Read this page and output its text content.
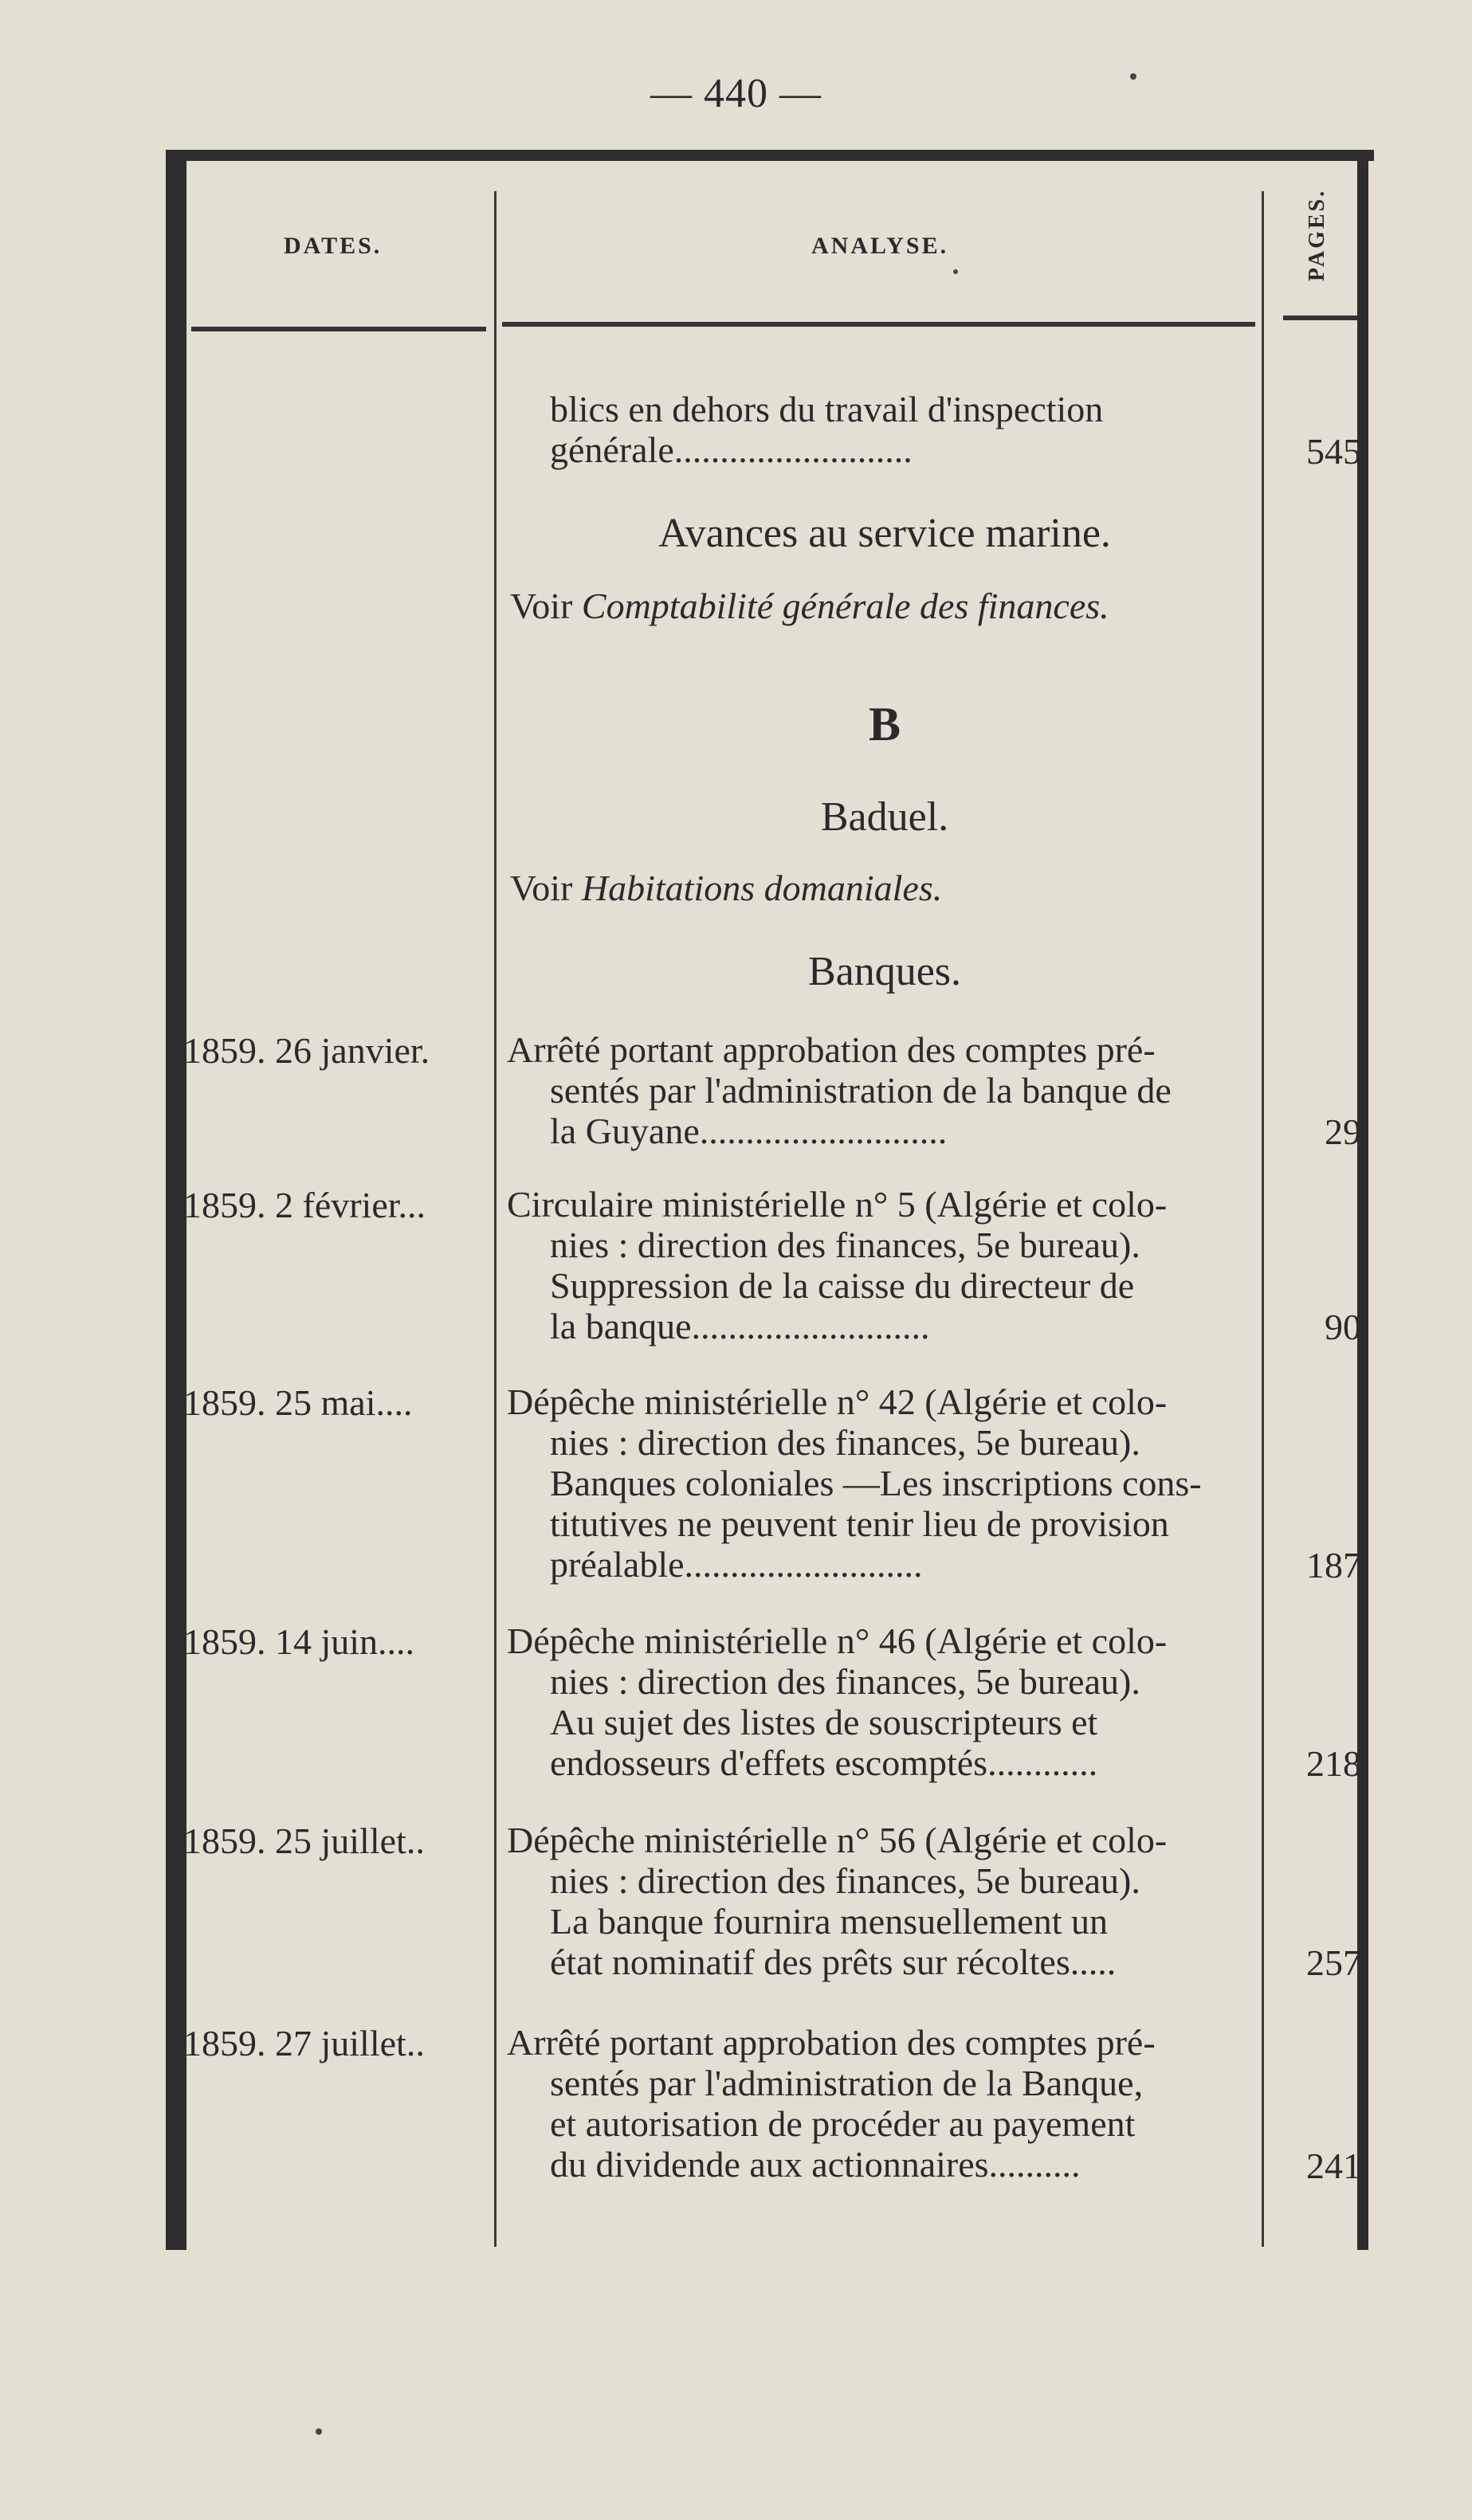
— 440 —
DATES.	ANALYSE.	PAGES.
blics en dehors du travail d'inspection
générale..........................	545
Avances au service marine.
Voir Comptabilité générale des finances.
B
Baduel.
Voir Habitations domaniales.
Banques.
1859. 26 janvier. Arrêté portant approbation des comptes pré-
sentés par l'administration de la banque de
la Guyane...........................	29
1859. 2 février... Circulaire ministérielle n° 5 (Algérie et colo-
nies : direction des finances, 5e bureau).
Suppression de la caisse du directeur de
la banque..........................	90
1859. 25 mai....	Dépêche ministérielle n° 42 (Algérie et colo-
nies : direction des finances, 5e bureau).
Banques coloniales —Les inscriptions cons-
titutives ne peuvent tenir lieu de provision
préalable..........................	187
1859. 14 juin....	Dépêche ministérielle n° 46 (Algérie et colo-
nies : direction des finances, 5e bureau).
Au sujet des listes de souscripteurs et
endosseurs d'effets escomptés............	218
1859. 25 juillet.. Dépêche ministérielle n° 56 (Algérie et colo-
nies : direction des finances, 5e bureau).
La banque fournira mensuellement un
état nominatif des prêts sur récoltes.....	257
1859. 27 juillet.. Arrêté portant approbation des comptes pré-
sentés par l'administration de la Banque,
et autorisation de procéder au payement
du dividende aux actionnaires..........	241
